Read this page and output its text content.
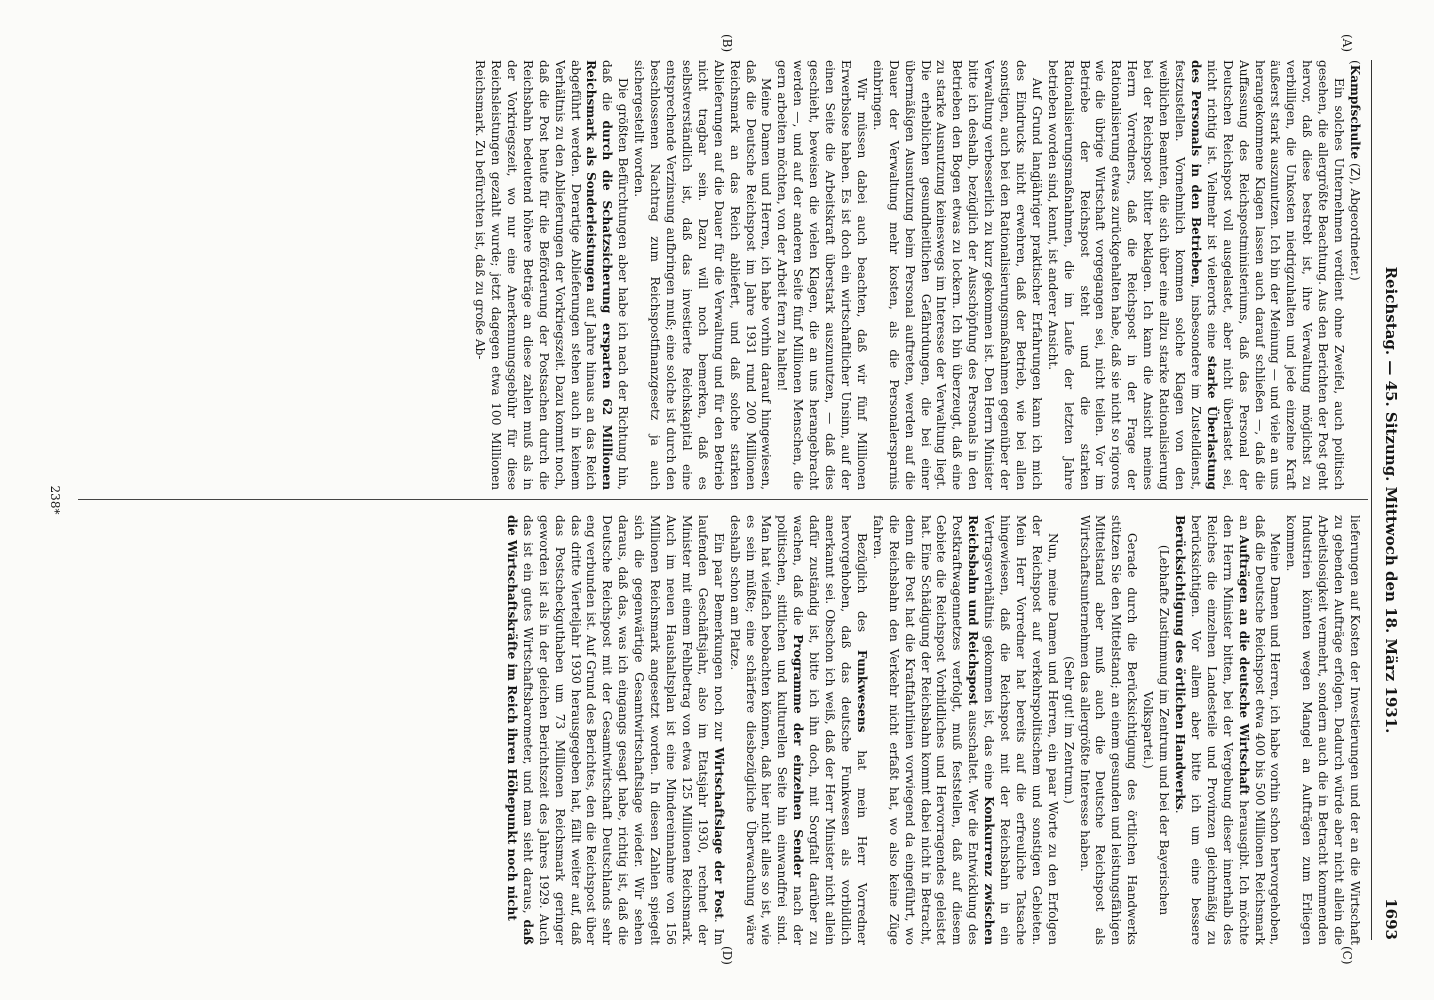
Reichstag. — 45. Sitzung. Mittwoch den 18. März 1931.
1693
(A)
(B)
(C)
(D)

(Kampfschulte (Z), Abgeordneter.)

Ein solches Unternehmen verdient ohne Zweifel, auch politisch gesehen, die allergrößte Beachtung. Aus den Berichten der Post geht hervor, daß diese bestrebt ist, ihre Verwaltung möglichst zu verbilligen, die Unkosten niedrigzuhalten und jede einzelne Kraft äußerst stark auszunutzen. Ich bin der Meinung — und viele an uns herangekommene Klagen lassen auch darauf schließen —, daß die Auffassung des Reichspostministeriums, daß das Personal der Deutschen Reichspost voll ausgelastet, aber nicht überlastet sei, nicht richtig ist. Vielmehr ist vielerorts eine starke Überlastung des Personals in den Betrieben, insbesondere im Zustelldienst, festzustellen. Vornehmlich kommen solche Klagen von den weiblichen Beamten, die sich über eine allzu starke Rationalisierung bei der Reichspost bitter beklagen. Ich kann die Ansicht meines Herrn Vorredners, daß die Reichspost in der Frage der Rationalisierung etwas zurückgehalten habe, daß sie nicht so rigoros wie die übrige Wirtschaft vorgegangen sei, nicht teilen. Vor im Betriebe der Reichspost steht und die starken Rationalisierungsmaßnahmen, die im Laufe der letzten Jahre betrieben worden sind, kennt, ist anderer Ansicht.

Auf Grund langjähriger praktischer Erfahrungen kann ich mich des Eindrucks nicht erwehren, daß der Betrieb, wie bei allen sonstigen, auch bei den Rationalisierungsmaßnahmen gegenüber der Verwaltung verbesserlich zu kurz gekommen ist. Den Herrn Minister bitte ich deshalb, bezüglich der Ausschöpfung des Personals in den Betrieben den Bogen etwas zu lockern. Ich bin überzeugt, daß eine zu starke Ausnutzung keineswegs im Interesse der Verwaltung liegt. Die erheblichen gesundheitlichen Gefährdungen, die bei einer übermäßigen Ausnutzung beim Personal auftreten, werden auf die Dauer der Verwaltung mehr kosten, als die Personalersparnis einbringen.

Wir müssen dabei auch beachten, daß wir fünf Millionen Erwerbslose haben. Es ist doch ein wirtschaftlicher Unsinn, auf der einen Seite die Arbeitskraft überstark auszunutzen, — daß dies geschieht, beweisen die vielen Klagen, die an uns herangebracht werden —, und auf der anderen Seite fünf Millionen Menschen, die gern arbeiten möchten, von der Arbeit fern zu halten!

Meine Damen und Herren, ich habe vorhin darauf hingewiesen, daß die Deutsche Reichspost im Jahre 1931 rund 200 Millionen Reichsmark an das Reich abliefert, und daß solche starken Ablieferungen auf die Dauer für die Verwaltung und für den Betrieb nicht tragbar sein. Dazu will noch bemerken, daß es selbstverständlich ist, daß das investierte Reichskapital eine entsprechende Verzinsung aufbringen muß; eine solche ist durch den beschlossenen Nachtrag zum Reichspostfinanzgesetz ja auch sichergestellt worden.

Die größten Befürchtungen aber habe ich nach der Richtung hin, daß die durch die Schatzsicherung ersparten 62 Millionen Reichsmark als Sonderleistungen auf Jahre hinaus an das Reich abgeführt werden. Derartige Ablieferungen stehen auch in keinem Verhältnis zu den Ablieferungen der Vorkriegszeit. Dazu kommt noch, daß die Post heute für die Beförderung der Postsachen durch die Reichsbahn bedeutend höhere Beträge an diese zahlen muß als in der Vorkriegszeit, wo nur eine Anerkennungsgebühr für diese Reichsleistungen gezahlt wurde; jetzt dagegen etwa 100 Millionen Reichsmark. Zu befürchten ist, daß zu große Ab-

lieferungen auf Kosten der Investierungen und der an die Wirtschaft zu gebenden Aufträge erfolgen. Dadurch würde aber nicht allein die Arbeitslosigkeit vermehrt, sondern auch die in Betracht kommenden Industrien könnten wegen Mangel an Aufträgen zum Erliegen kommen.

Meine Damen und Herren, ich habe vorhin schon hervorgehoben, daß die Deutsche Reichspost etwa 400 bis 500 Millionen Reichsmark an Aufträgen an die deutsche Wirtschaft herausgibt. Ich möchte den Herrn Minister bitten, bei der Vergebung dieser innerhalb des Reiches die einzelnen Landesteile und Provinzen gleichmäßig zu berücksichtigen. Vor allem aber bitte ich um eine bessere Berücksichtigung des örtlichen Handwerks.

(Lebhafte Zustimmung im Zentrum und bei der Bayerischen Volkspartei.)

Gerade durch die Berücksichtigung des örtlichen Handwerks stützen Sie den Mittelstand; an einem gesunden und leistungsfähigen Mittelstand aber muß auch die Deutsche Reichspost als Wirtschaftsunternehmen das allergrößte Interesse haben.

(Sehr gut! im Zentrum.)

Nun, meine Damen und Herren, ein paar Worte zu den Erfolgen der Reichspost auf verkehrspolitischem und sonstigen Gebieten. Mein Herr Vorredner hat bereits auf die erfreuliche Tatsache hingewiesen, daß die Reichspost mit der Reichsbahn in ein Vertragsverhältnis gekommen ist, das eine Konkurrenz zwischen Reichsbahn und Reichspost ausschaltet. Wer die Entwicklung des Postkraftwagennetzes verfolgt, muß feststellen, daß auf diesem Gebiete die Reichspost Vorbildliches und Hervorragendes geleistet hat. Eine Schädigung der Reichsbahn kommt dabei nicht in Betracht, denn die Post hat die Kraftfahrlinien vorwiegend da eingeführt, wo die Reichsbahn den Verkehr nicht erfaßt hat, wo also keine Züge fahren.

Bezüglich des Funkwesens hat mein Herr Vorredner hervorgehoben, daß das deutsche Funkwesen als vorbildlich anerkannt sei. Obschon ich weiß, daß der Herr Minister nicht allein dafür zuständig ist, bitte ich ihn doch, mit Sorgfalt darüber zu wachen, daß die Programme der einzelnen Sender nach der politischen, sittlichen und kulturellen Seite hin einwandfrei sind. Man hat vielfach beobachten können, daß hier nicht alles so ist, wie es sein müßte; eine schärfere diesbezügliche Überwachung wäre deshalb schon am Platze.

Ein paar Bemerkungen noch zur Wirtschaftslage der Post. Im laufenden Geschäftsjahr, also im Etatsjahr 1930, rechnet der Minister mit einem Fehlbetrag von etwa 125 Millionen Reichsmark. Auch im neuen Haushaltsplan ist eine Mindereinnahme von 156 Millionen Reichsmark angesetzt worden. In diesen Zahlen spiegelt sich die gegenwärtige Gesamtwirtschaftslage wieder. Wir sehen daraus, daß das, was ich eingangs gesagt habe, richtig ist, daß die Deutsche Reichspost mit der Gesamtwirtschaft Deutschlands sehr eng verbunden ist. Auf Grund des Berichtes, den die Reichspost über das dritte Vierteljahr 1930 herausgegeben hat, fällt weiter auf, daß das Postscheckguthaben um 73 Millionen Reichsmark geringer geworden ist als in der gleichen Berichtszeit des Jahres 1929. Auch das ist ein gutes Wirtschaftsbarometer, und man sieht daraus, daß die Wirtschaftskräfte im Reich ihren Höhepunkt noch nicht

238*
